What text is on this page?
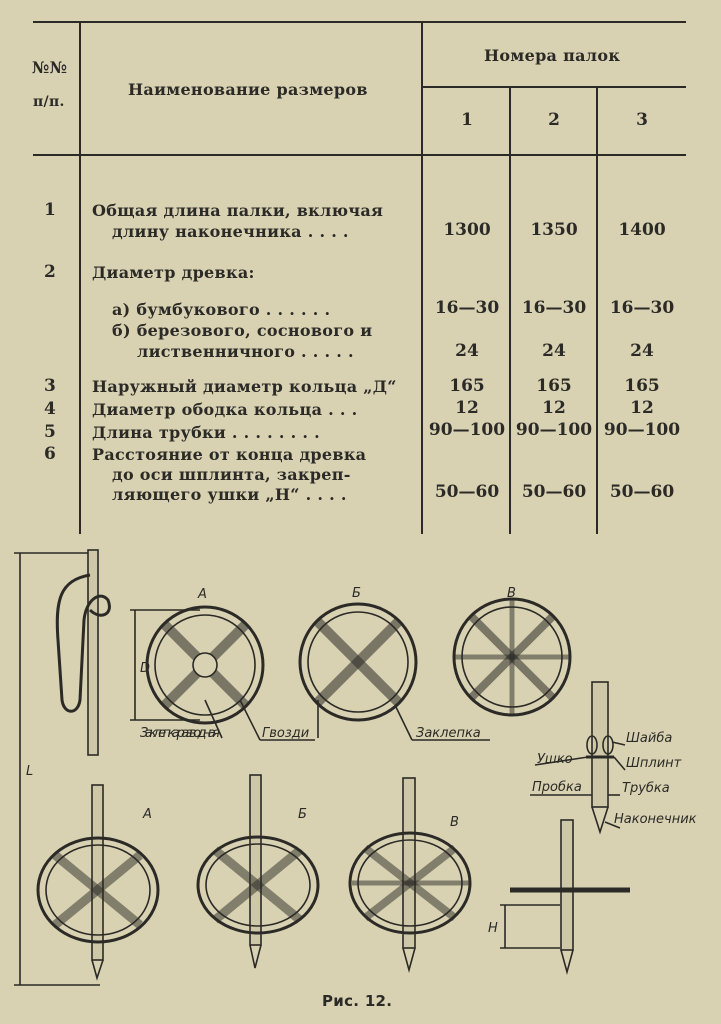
№№
п/п.
Наименование размеров
Номера палок
1	2	3
1 Общая длина палки, включая
длину наконечника . . . .	1300	1350	1400
2 Диаметр древка:
а) бумбукового . . . . . .	16—30	16—30	16—30
б) березового, соснового и
лиственничного . . . . .	24	24	24
3 Наружный диаметр кольца „Д“	165	165	165
4 Диаметр ободка кольца . . .	12	12	12
5 Длина трубки . . . . . . . .	90—100 90—100 90—100
6 Расстояние от конца древка
до оси шплинта, закреп-
ляющего ушки „Н“ . . . .	50—60	50—60	50—60
L
А	Б	В
А	Б
В
D
Н
Заклепка разводная	Гвозди	Заклепка
Ушко
Шайба
Шплинт
Пробка	Трубка
Наконечник
Рис. 12.
